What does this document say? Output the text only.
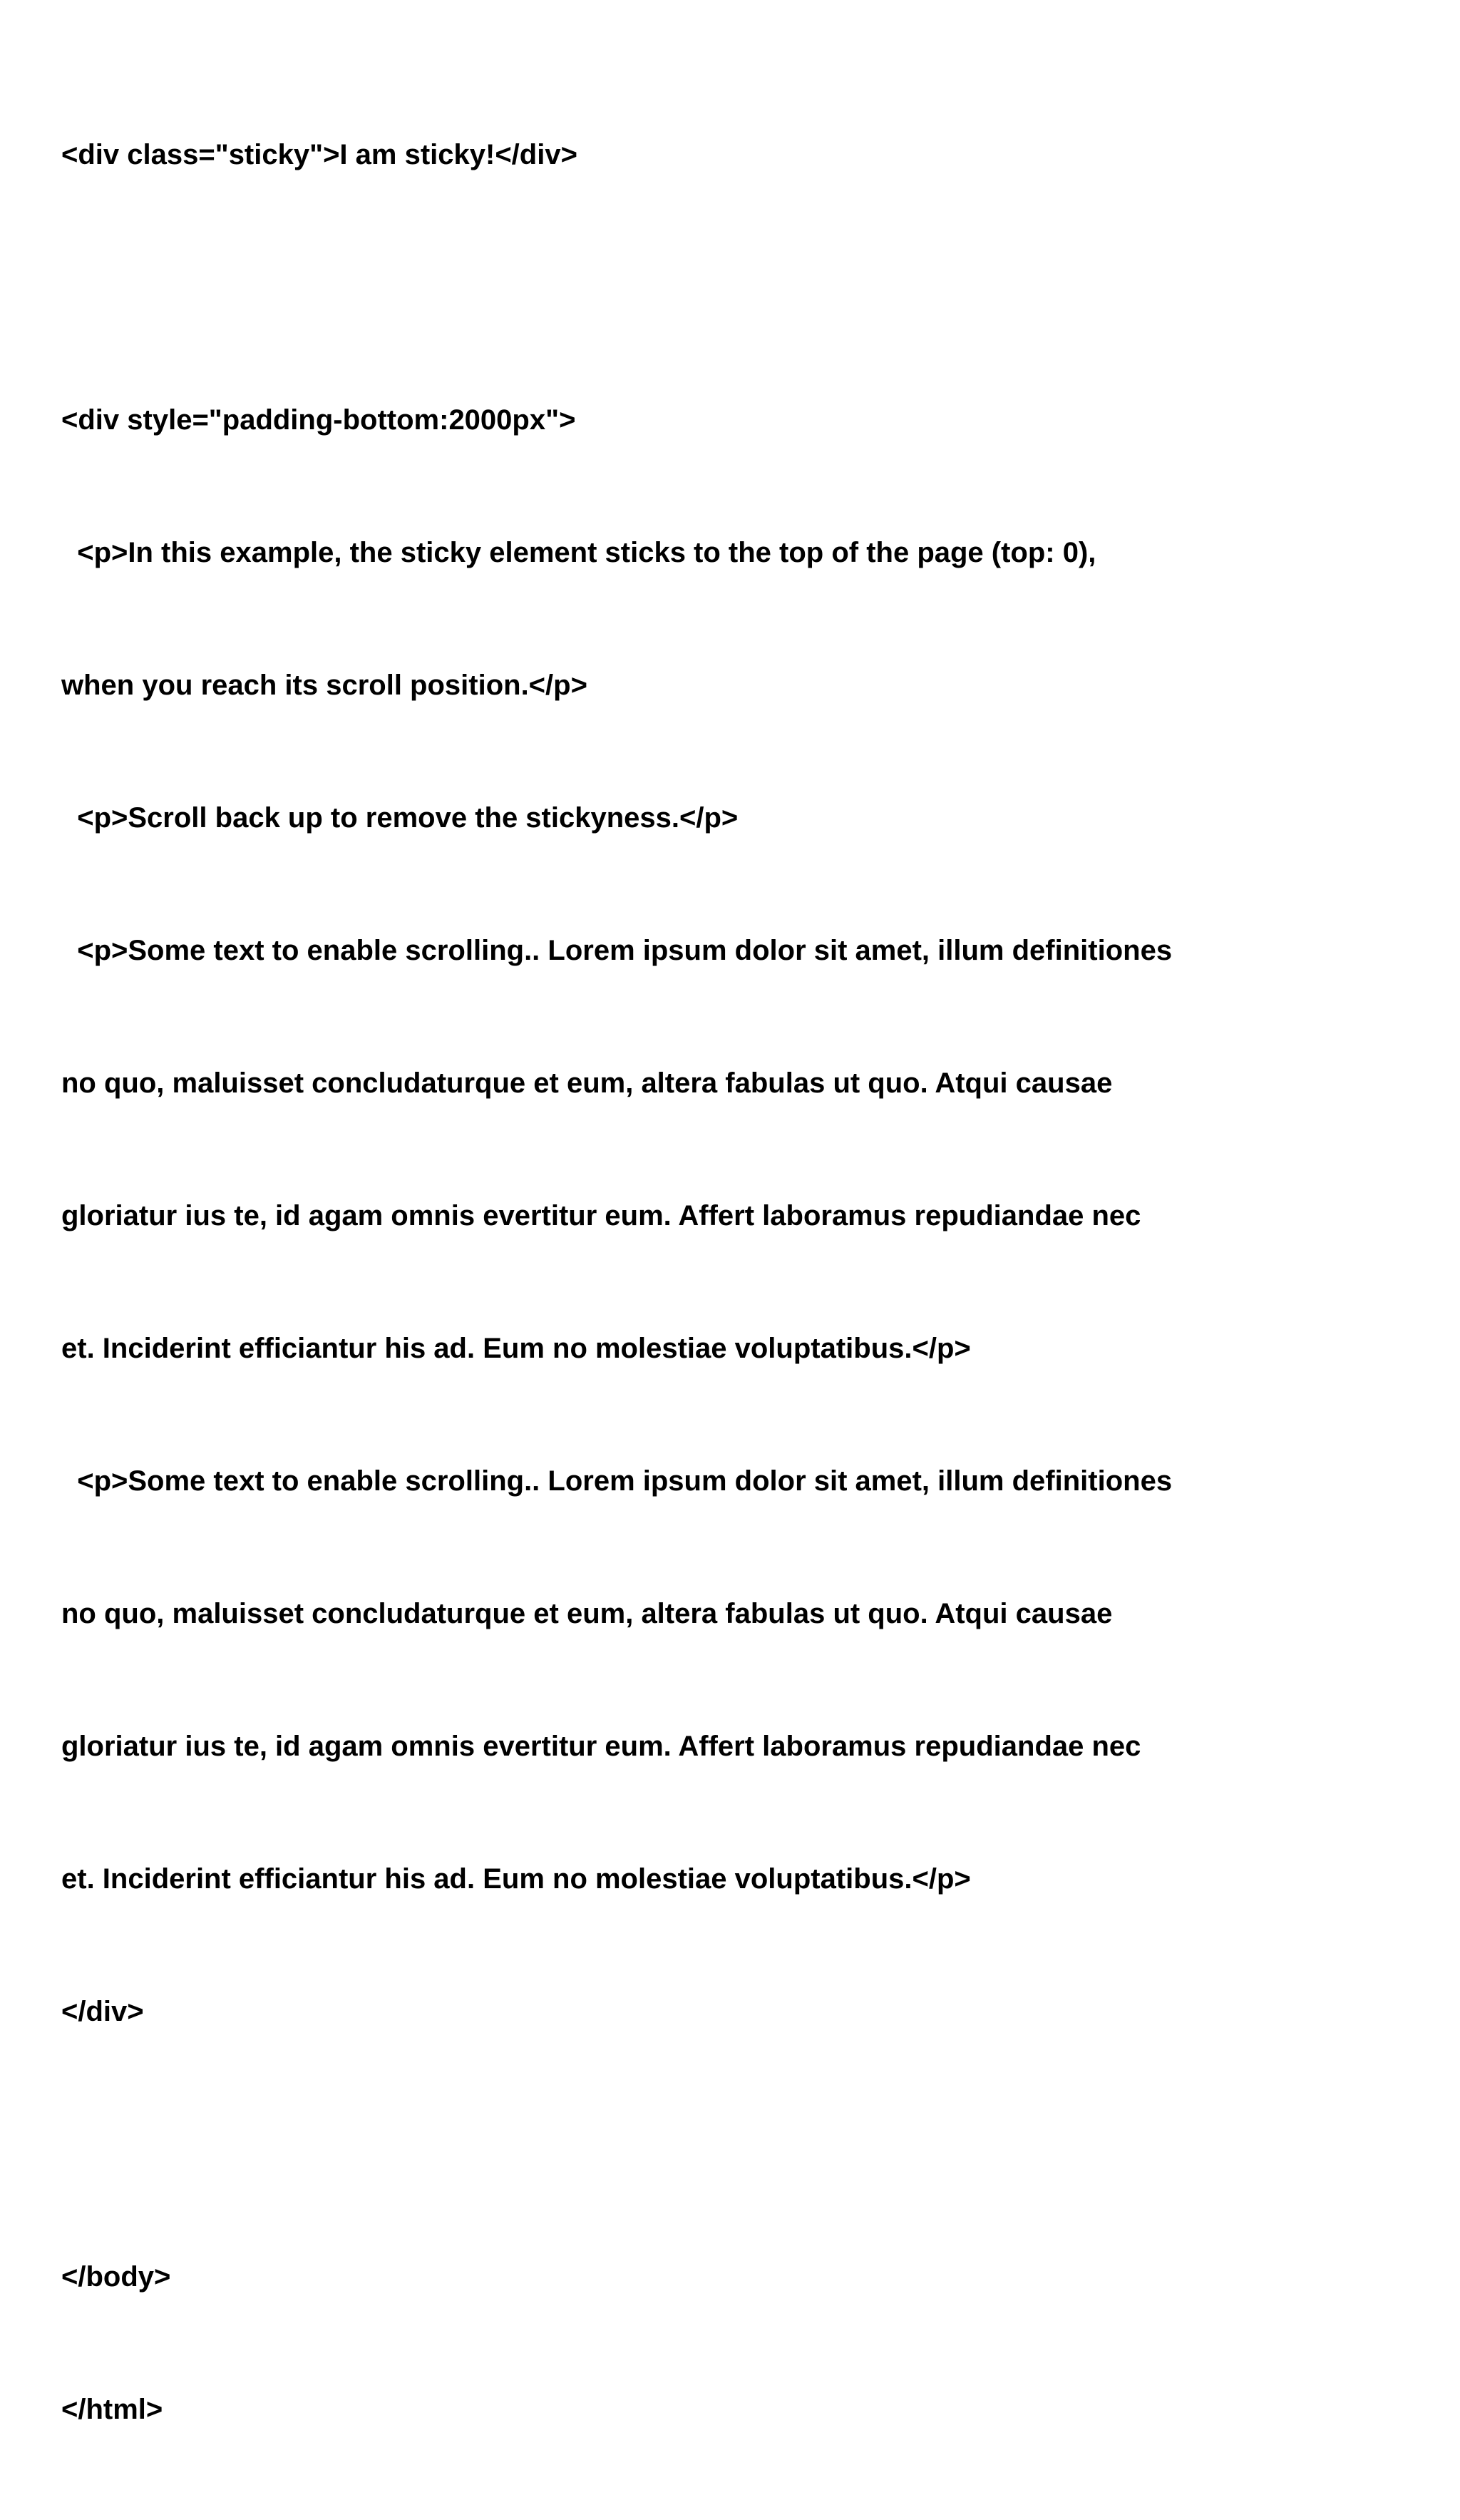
<div class="sticky">I am sticky!</div>

<div style="padding-bottom:2000px">

<p>In this example, the sticky element sticks to the top of the page (top: 0),

when you reach its scroll position.</p>

<p>Scroll back up to remove the stickyness.</p>

<p>Some text to enable scrolling.. Lorem ipsum dolor sit amet, illum definitiones

no quo, maluisset concludaturque et eum, altera fabulas ut quo. Atqui causae

gloriatur ius te, id agam omnis evertitur eum. Affert laboramus repudiandae nec

et. Inciderint efficiantur his ad. Eum no molestiae voluptatibus.</p>

<p>Some text to enable scrolling.. Lorem ipsum dolor sit amet, illum definitiones

no quo, maluisset concludaturque et eum, altera fabulas ut quo. Atqui causae

gloriatur ius te, id agam omnis evertitur eum. Affert laboramus repudiandae nec

et. Inciderint efficiantur his ad. Eum no molestiae voluptatibus.</p>

</div>

</body>

</html>
